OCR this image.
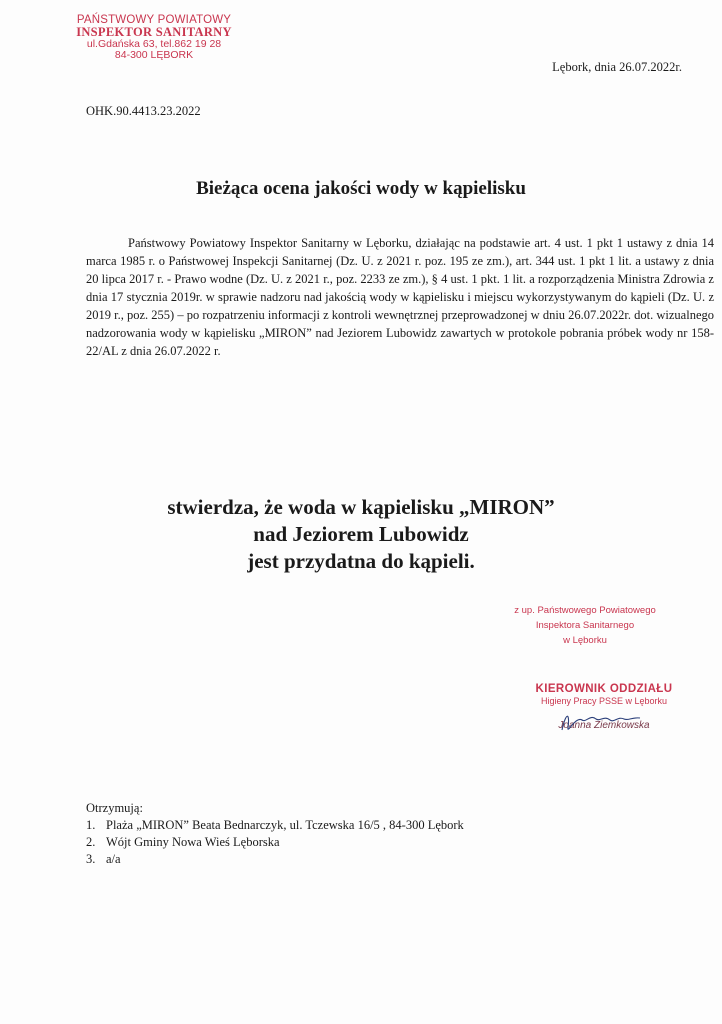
PAŃSTWOWY POWIATOWY
INSPEKTOR SANITARNY
ul.Gdańska 63, tel.862 19 28
84-300 LĘBORK
Lębork, dnia 26.07.2022r.
OHK.90.4413.23.2022
Bieżąca ocena jakości wody w kąpielisku
Państwowy Powiatowy Inspektor Sanitarny w Lęborku, działając na podstawie art. 4 ust. 1 pkt 1 ustawy z dnia 14 marca 1985 r. o Państwowej Inspekcji Sanitarnej (Dz. U. z 2021 r. poz. 195 ze zm.), art. 344 ust. 1 pkt 1 lit. a ustawy z dnia 20 lipca 2017 r. - Prawo wodne (Dz. U. z 2021 r., poz. 2233 ze zm.), § 4 ust. 1 pkt. 1 lit. a rozporządzenia Ministra Zdrowia z dnia 17 stycznia 2019r. w sprawie nadzoru nad jakością wody w kąpielisku i miejscu wykorzystywanym do kąpieli (Dz. U. z 2019 r., poz. 255) – po rozpatrzeniu informacji z kontroli wewnętrznej przeprowadzonej w dniu 26.07.2022r. dot. wizualnego nadzorowania wody w kąpielisku „MIRON” nad Jeziorem Lubowidz zawartych w protokole pobrania próbek wody nr 158-22/AL z dnia 26.07.2022 r.
stwierdza, że woda w kąpielisku „MIRON”
nad Jeziorem Lubowidz
jest przydatna do kąpieli.
z up. Państwowego Powiatowego
Inspektora Sanitarnego
w Lęborku
KIEROWNIK ODDZIAŁU
Higieny Pracy PSSE w Lęborku
Joanna Ziemkowska
Otrzymują:
1. Plaża „MIRON” Beata Bednarczyk, ul. Tczewska 16/5 , 84-300 Lębork
2. Wójt Gminy Nowa Wieś Lęborska
3. a/a
